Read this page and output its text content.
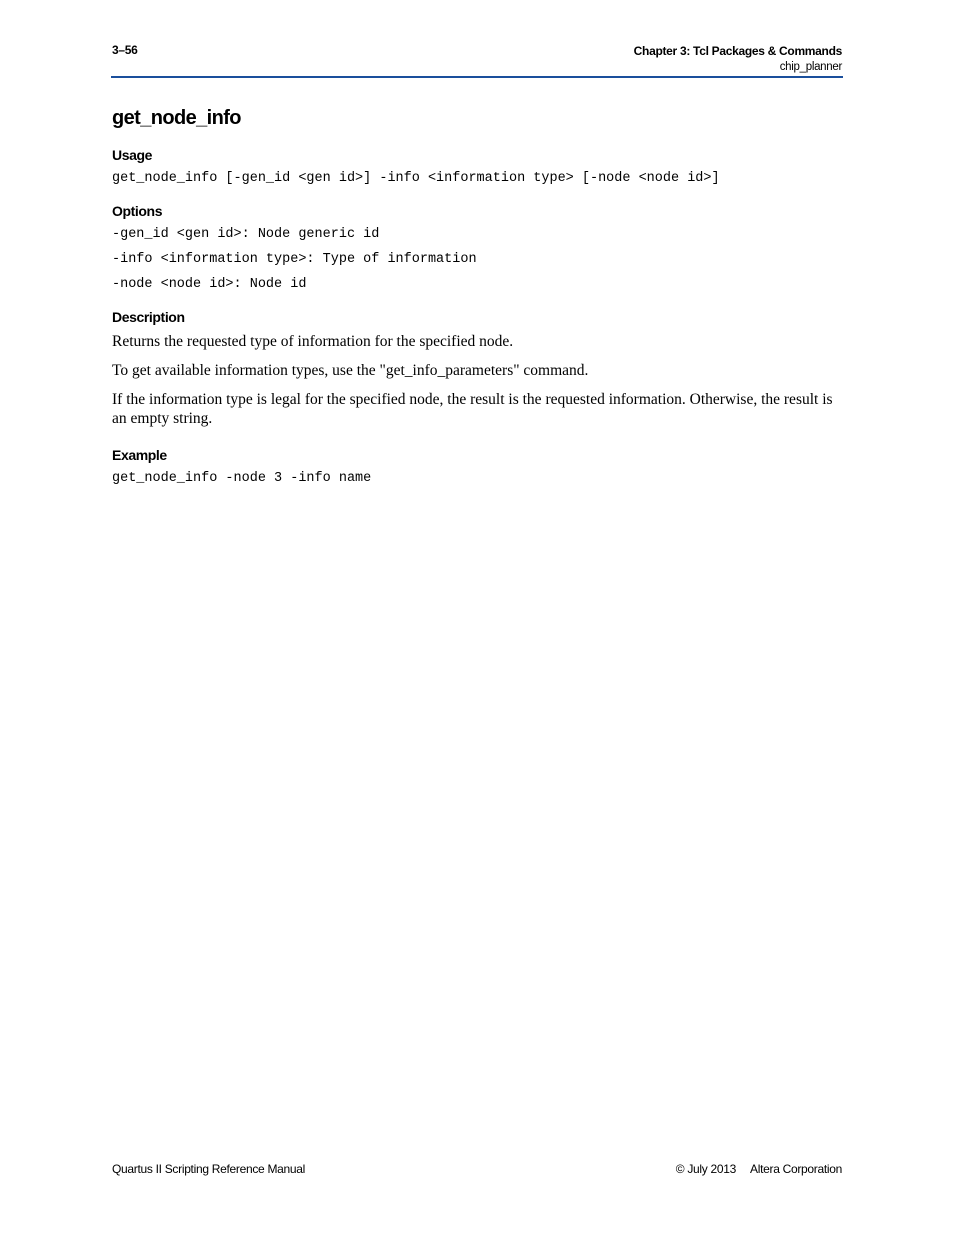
3–56	Chapter 3: Tcl Packages & Commands
chip_planner
get_node_info
Usage
get_node_info [-gen_id <gen id>] -info <information type> [-node <node id>]
Options
-gen_id <gen id>: Node generic id
-info <information type>: Type of information
-node <node id>: Node id
Description
Returns the requested type of information for the specified node.
To get available information types, use the "get_info_parameters" command.
If the information type is legal for the specified node, the result is the requested information. Otherwise, the result is an empty string.
Example
get_node_info -node 3 -info name
Quartus II Scripting Reference Manual	© July 2013 Altera Corporation
